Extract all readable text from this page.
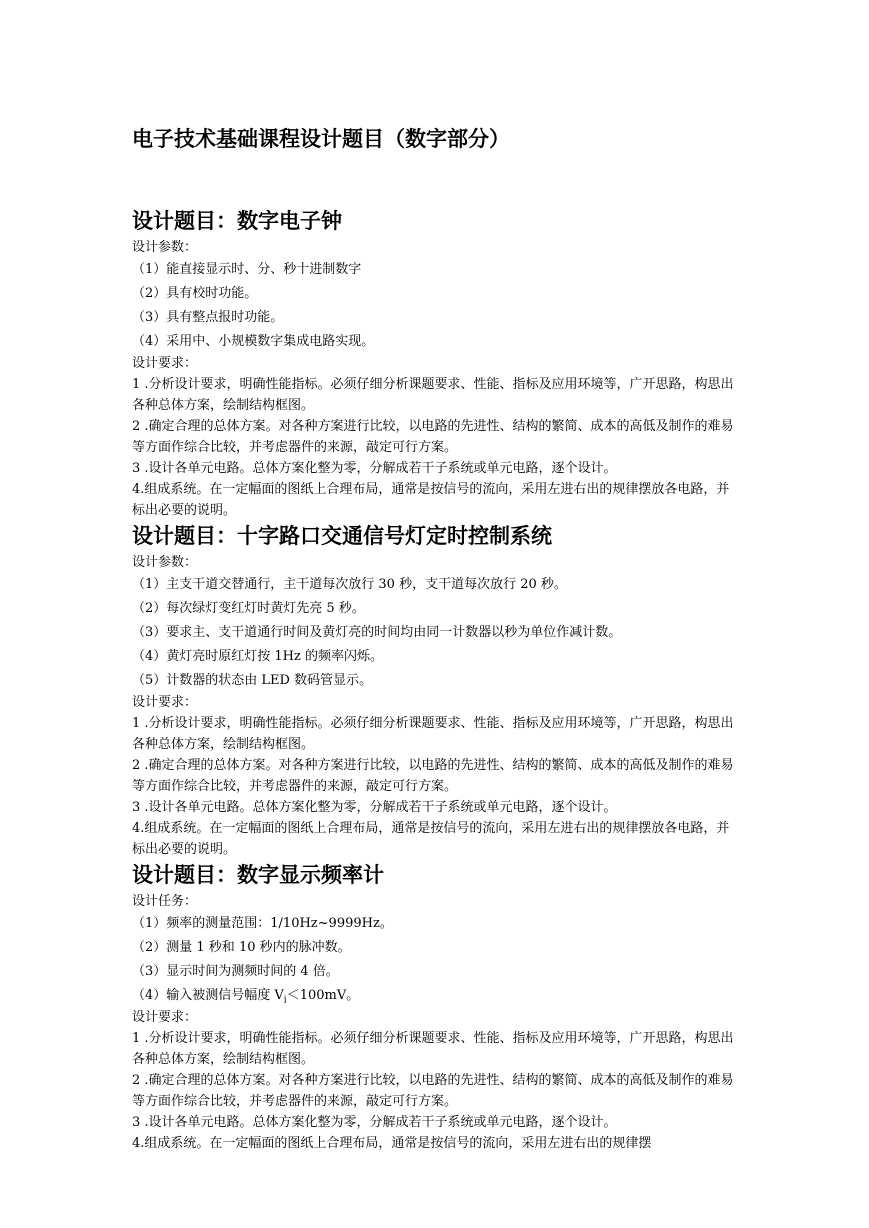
电子技术基础课程设计题目（数字部分）
设计题目：数字电子钟

设计参数：

（1）能直接显示时、分、秒十进制数字

（2）具有校时功能。

（3）具有整点报时功能。

（4）采用中、小规模数字集成电路实现。

设计要求：

1 .分析设计要求，明确性能指标。必须仔细分析课题要求、性能、指标及应用环境等，广开思路，构思出各种总体方案，绘制结构框图。

2 .确定合理的总体方案。对各种方案进行比较，以电路的先进性、结构的繁简、成本的高低及制作的难易等方面作综合比较，并考虑器件的来源，敲定可行方案。

3 .设计各单元电路。总体方案化整为零，分解成若干子系统或单元电路，逐个设计。

4.组成系统。在一定幅面的图纸上合理布局，通常是按信号的流向，采用左进右出的规律摆放各电路，并标出必要的说明。

设计题目：十字路口交通信号灯定时控制系统

设计参数：

（1）主支干道交替通行，主干道每次放行 30 秒，支干道每次放行 20 秒。

（2）每次绿灯变红灯时黄灯先亮 5 秒。

（3）要求主、支干道通行时间及黄灯亮的时间均由同一计数器以秒为单位作减计数。

（4）黄灯亮时原红灯按 1Hz 的频率闪烁。

（5）计数器的状态由 LED 数码管显示。

设计要求：

1 .分析设计要求，明确性能指标。必须仔细分析课题要求、性能、指标及应用环境等，广开思路，构思出各种总体方案，绘制结构框图。

2 .确定合理的总体方案。对各种方案进行比较，以电路的先进性、结构的繁简、成本的高低及制作的难易等方面作综合比较，并考虑器件的来源，敲定可行方案。

3 .设计各单元电路。总体方案化整为零，分解成若干子系统或单元电路，逐个设计。

4.组成系统。在一定幅面的图纸上合理布局，通常是按信号的流向，采用左进右出的规律摆放各电路，并标出必要的说明。

设计题目：数字显示频率计

设计任务：

（1）频率的测量范围：1/10Hz~9999Hz。

（2）测量 1 秒和 10 秒内的脉冲数。

（3）显示时间为测频时间的 4 倍。

（4）输入被测信号幅度 $V_i<100mV$。

设计要求：

1 .分析设计要求，明确性能指标。必须仔细分析课题要求、性能、指标及应用环境等，广开思路，构思出各种总体方案，绘制结构框图。

2 .确定合理的总体方案。对各种方案进行比较，以电路的先进性、结构的繁简、成本的高低及制作的难易等方面作综合比较，并考虑器件的来源，敲定可行方案。

3 .设计各单元电路。总体方案化整为零，分解成若干子系统或单元电路，逐个设计。

4.组成系统。在一定幅面的图纸上合理布局，通常是按信号的流向，采用左进右出的规律摆
